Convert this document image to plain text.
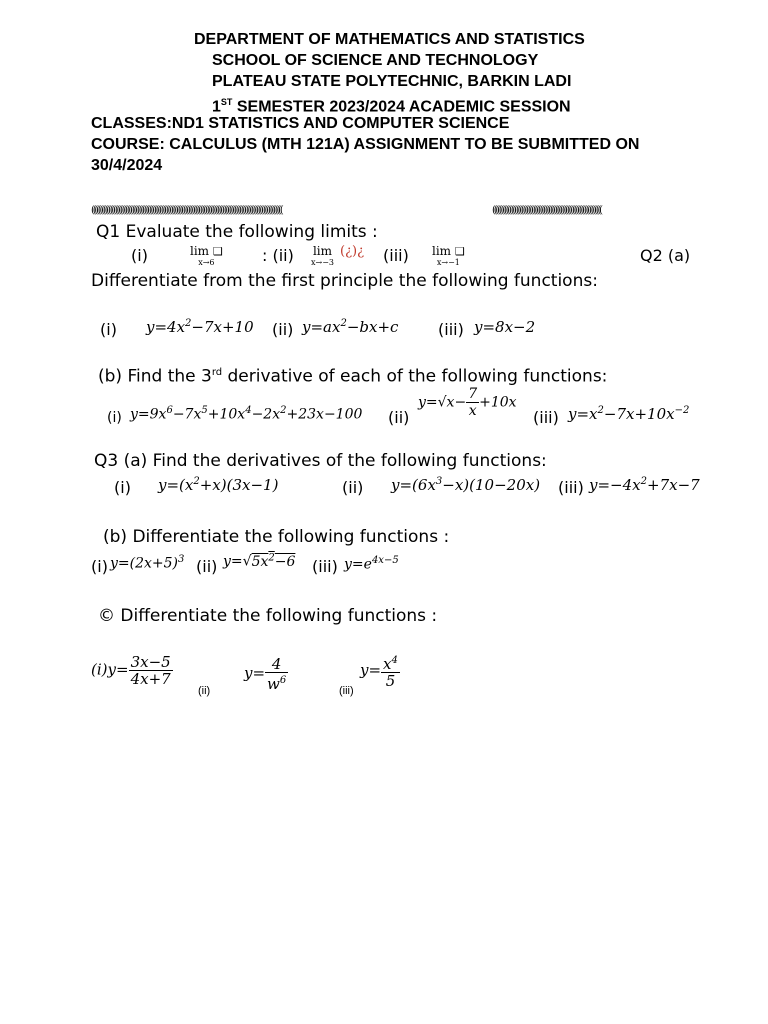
DEPARTMENT OF MATHEMATICS AND STATISTICS
SCHOOL OF SCIENCE AND TECHNOLOGY
PLATEAU STATE POLYTECHNIC, BARKIN LADI
1ST SEMESTER 2023/2024 ACADEMIC SESSION
CLASSES:ND1 STATISTICS AND COMPUTER SCIENCE
COURSE: CALCULUS (MTH 121A) ASSIGNMENT TO BE SUBMITTED ON
30/4/2024
((((((((((((((((((((((((((((((((((((((((((((((((((((((((((((((((((((((((((((((((((((((((((((((((((((((((((((((((	((((((((((((((((((((((((((((((((((((((((((((((((((((((((((((((((
Q1 Evaluate the following limits :
(i)	lim ❑
x→6	: (ii) lim
x→−3
(¿)¿ (iii) lim ❑
x→−1	Q2 (a)
Differentiate from the first principle the following functions:
(i) $y=4x^2-7x+10$ (ii) $y=ax^2-bx+c$ (iii) y=8x−2
(b) Find the 3rd derivative of each of the following functions:
(i) $y=9x^6-7x^5+10x^4-2x^2+23x-100$ (ii)
$y=√x- \frac{7}{x} +10x$
(iii) $y=x^2-7x+10x^{-2}$
Q3 (a) Find the derivatives of the following functions:
(i) $y=(x^2+x)(3x-1)$	(ii) $y=(6x^3-x)(10-20x)$ (iii) $y=-4x^2+7x-7$
(b) Differentiate the following functions :
(i) $y=(2x+5)^3$ (ii) $y=√5x^2-6$ (iii) $y=e^{4x-5}$
© Differentiate the following functions :
$(i)y= \frac{3x-5}{4x+7}$
(ii)
$y= \frac{4}{w^6}$	(iii)
$y= \frac{x^4}{5}$
